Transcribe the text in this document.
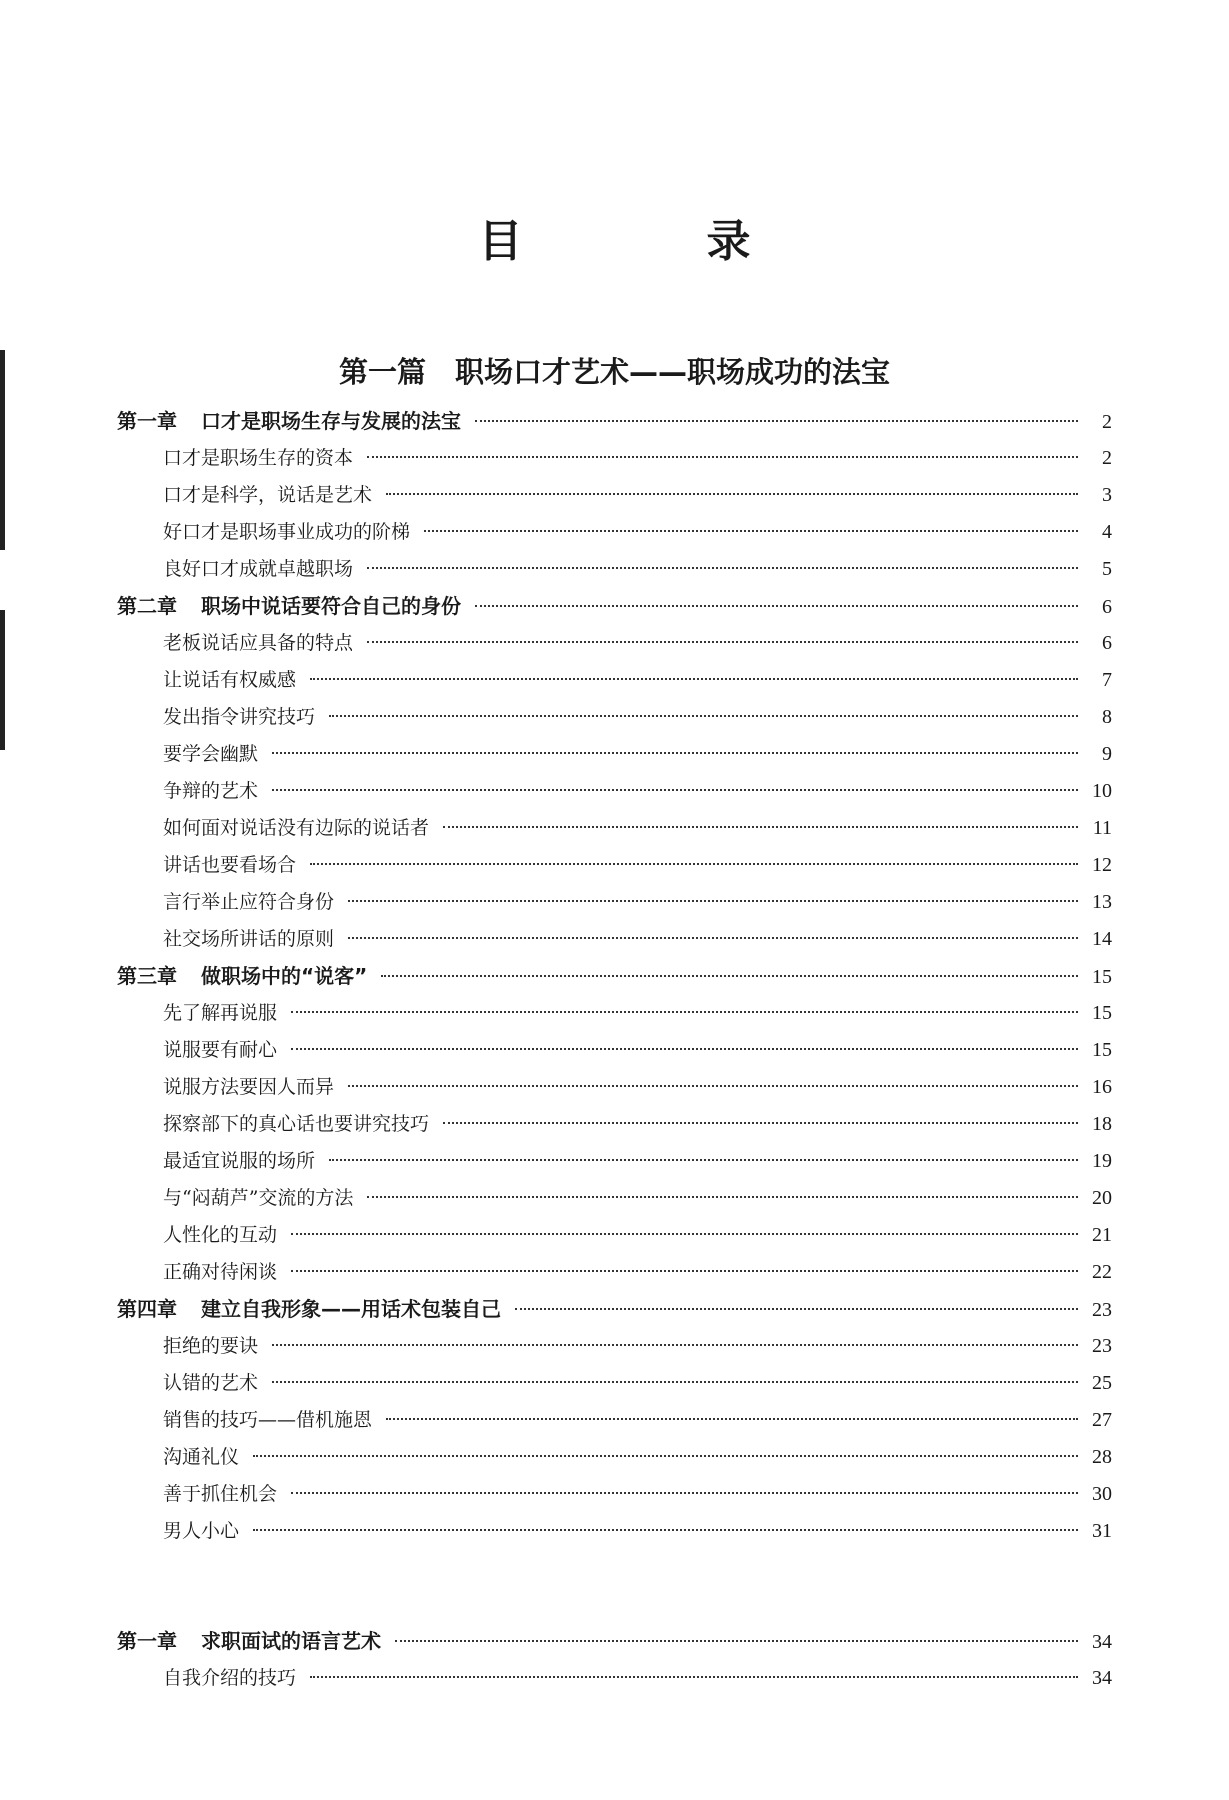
目　录
第一篇　职场口才艺术——职场成功的法宝
第一章 口才是职场生存与发展的法宝	2
口才是职场生存的资本	2
口才是科学，说话是艺术	3
好口才是职场事业成功的阶梯	4
良好口才成就卓越职场	5
第二章 职场中说话要符合自己的身份	6
老板说话应具备的特点	6
让说话有权威感	7
发出指令讲究技巧	8
要学会幽默	9
争辩的艺术	10
如何面对说话没有边际的说话者	11
讲话也要看场合	12
言行举止应符合身份	13
社交场所讲话的原则	14
第三章 做职场中的“说客”	15
先了解再说服	15
说服要有耐心	15
说服方法要因人而异	16
探察部下的真心话也要讲究技巧	18
最适宜说服的场所	19
与“闷葫芦”交流的方法	20
人性化的互动	21
正确对待闲谈	22
第四章 建立自我形象——用话术包装自己	23
拒绝的要诀	23
认错的艺术	25
销售的技巧——借机施恩	27
沟通礼仪	28
善于抓住机会	30
男人小心	31
第一章 求职面试的语言艺术	34
自我介绍的技巧	34
